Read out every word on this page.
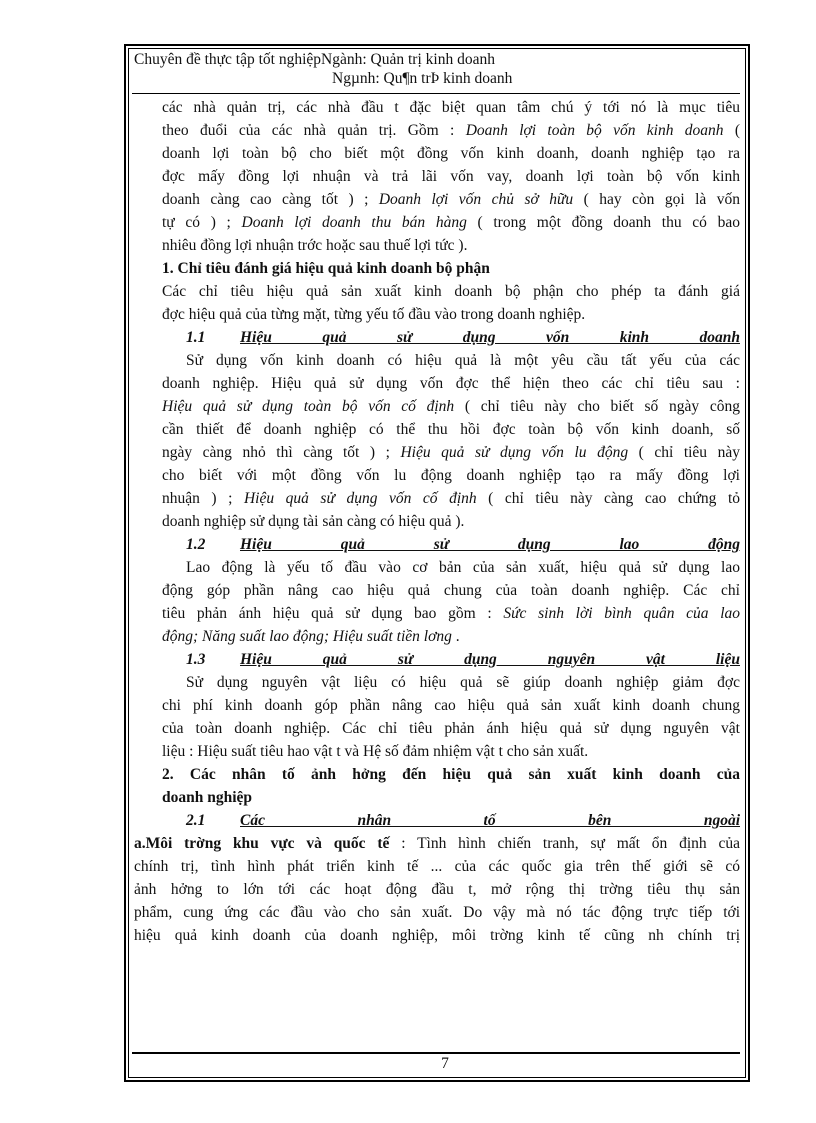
Chuyên đề thực tập tốt nghiệpNgành: Quản trị kinh doanh
Ngµnh: Qu¶n trÞ kinh doanh

các nhà quản trị, các nhà đầu t đặc biệt quan tâm chú ý tới nó là mục tiêu

theo đuổi của các nhà quản trị. Gồm : Doanh lợi toàn bộ vốn kinh doanh (

doanh lợi toàn bộ cho biết một đồng vốn kinh doanh, doanh nghiệp tạo ra

đợc mấy đồng lợi nhuận và trả lãi vốn vay, doanh lợi toàn bộ vốn kinh

doanh càng cao càng tốt ) ; Doanh lợi vốn chủ sở hữu ( hay còn gọi là vốn

tự có ) ; Doanh lợi doanh thu bán hàng ( trong một đồng doanh thu có bao

nhiêu đồng lợi nhuận trớc hoặc sau thuế lợi tức ).

1. Chỉ tiêu đánh giá hiệu quả kinh doanh bộ phận

Các chỉ tiêu hiệu quả sản xuất kinh doanh bộ phận cho phép ta đánh giá

đợc hiệu quả của từng mặt, từng yếu tố đầu vào trong doanh nghiệp.

1.1 Hiệu quả sử dụng vốn kinh doanh

Sử dụng vốn kinh doanh có hiệu quả là một yêu cầu tất yếu của các

doanh nghiệp. Hiệu quả sử dụng vốn đợc thể hiện theo các chỉ tiêu sau :

Hiệu quả sử dụng toàn bộ vốn cố định ( chỉ tiêu này cho biết số ngày công

cần thiết để doanh nghiệp có thể thu hồi đợc toàn bộ vốn kinh doanh, số

ngày càng nhỏ thì càng tốt ) ; Hiệu quả sử dụng vốn lu động ( chỉ tiêu này

cho biết với một đồng vốn lu động doanh nghiệp tạo ra mấy đồng lợi

nhuận ) ; Hiệu quả sử dụng vốn cố định ( chỉ tiêu này càng cao chứng tỏ

doanh nghiệp sử dụng tài sản càng có hiệu quả ).

1.2 Hiệu quả sử dụng lao động

Lao động là yếu tố đầu vào cơ bản của sản xuất, hiệu quả sử dụng lao

động góp phần nâng cao hiệu quả chung của toàn doanh nghiệp. Các chỉ

tiêu phản ánh hiệu quả sử dụng bao gồm : Sức sinh lời bình quân của lao

động; Năng suất lao động; Hiệu suất tiền lơng .

1.3 Hiệu quả sử dụng nguyên vật liệu

Sử dụng nguyên vật liệu có hiệu quả sẽ giúp doanh nghiệp giảm đợc

chi phí kinh doanh góp phần nâng cao hiệu quả sản xuất kinh doanh chung

của toàn doanh nghiệp. Các chỉ tiêu phản ánh hiệu quả sử dụng nguyên vật

liệu : Hiệu suất tiêu hao vật t và Hệ số đảm nhiệm vật t cho sản xuất.

2. Các nhân tố ảnh hởng đến hiệu quả sản xuất kinh doanh của

doanh nghiệp

2.1 Các nhân tố bên ngoài

a.Môi trờng khu vực và quốc tế : Tình hình chiến tranh, sự mất ổn định của

chính trị, tình hình phát triển kinh tế ... của các quốc gia trên thế giới sẽ có

ảnh hởng to lớn tới các hoạt động đầu t, mở rộng thị trờng tiêu thụ sản

phẩm, cung ứng các đầu vào cho sản xuất. Do vậy mà nó tác động trực tiếp tới

hiệu quả kinh doanh của doanh nghiệp, môi trờng kinh tế cũng nh chính trị

7
